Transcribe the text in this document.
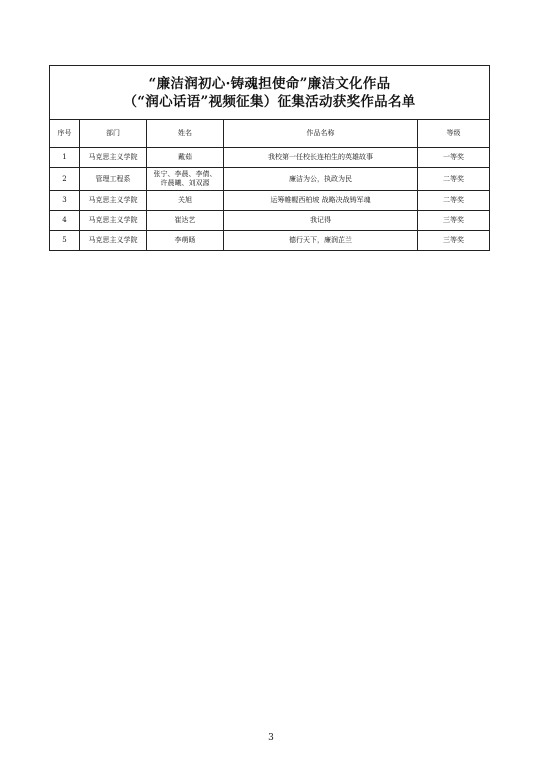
“廉洁润初心·铸魂担使命”廉洁文化作品
（“润心话语”视频征集）征集活动获奖作品名单				

序号	部门	姓名	作品名称	等级
1	马克思主义学院	戴茹	我校第一任校长连柏生的英雄故事	一等奖
2	管理工程系	张宁、李晨、李倩、
许晨曦、刘双源	廉洁为公，执政为民	二等奖
3	马克思主义学院	关旭	运筹帷幄西柏坡 战略决战铸军魂	二等奖
4	马克思主义学院	崔达艺	我记得	三等奖
5	马克思主义学院	李萌旸	德行天下，廉润芷兰	三等奖
3
